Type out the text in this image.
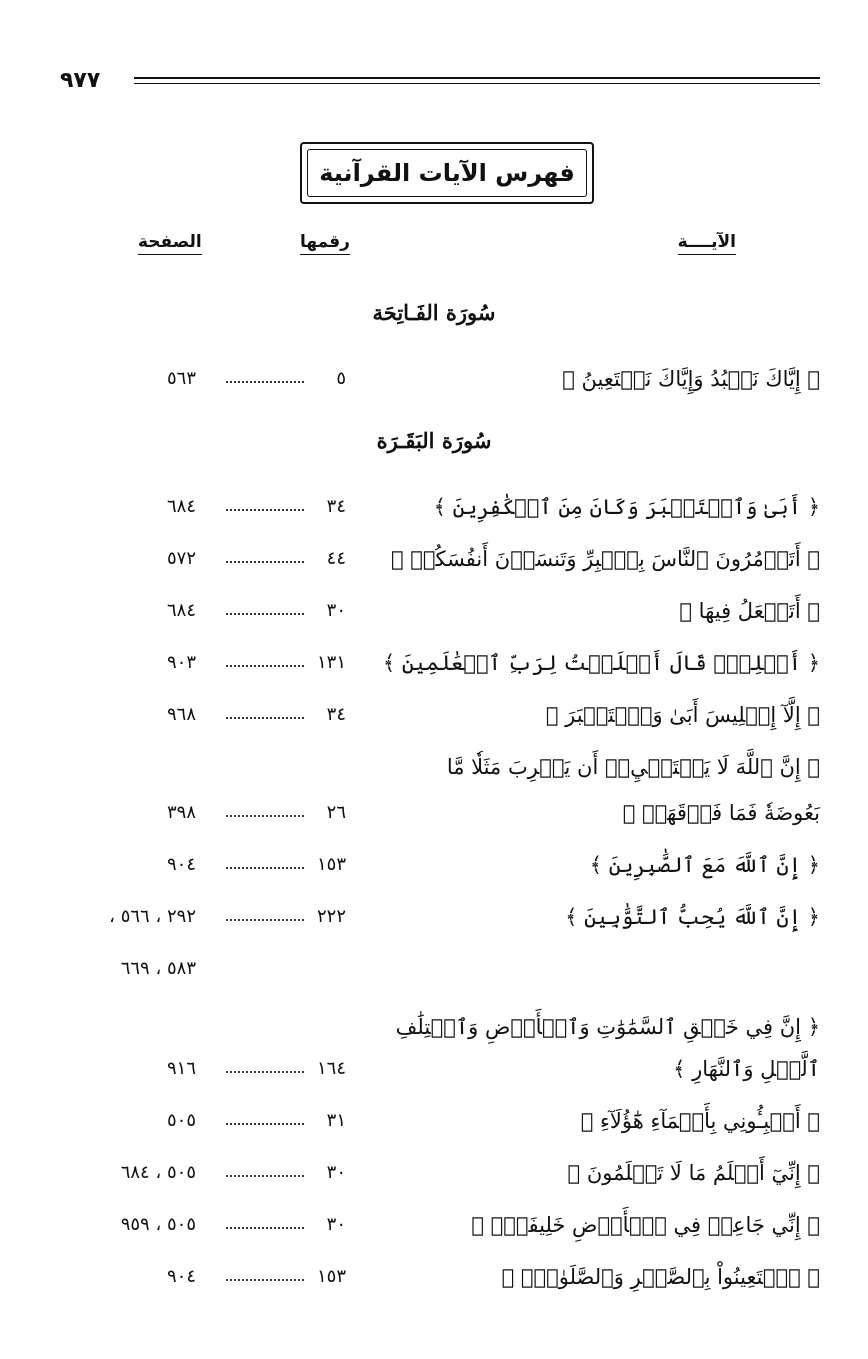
٩٧٧
فهرس الآيات القرآنية
الآيــــة
رقمها
الصفحة
سُورَة الفَـاتِحَة
﴿ إِيَّاكَ نَعۡبُدُ وَإِيَّاكَ نَسۡتَعِينُ ﴾
٥
٥٦٣
سُورَة البَقَـرَة
﴿ أَبَىٰ وَٱسۡتَكۡبَرَ وَكَانَ مِنَ ٱلۡكَٰفِرِينَ ﴾
٣٤
٦٨٤
﴿ أَتَأۡمُرُونَ ٱلنَّاسَ بِٱلۡبِرِّ وَتَنسَوۡنَ أَنفُسَكُمۡ ﴾
٤٤
٥٧٢
﴿ أَتَجۡعَلُ فِيهَا ﴾
٣٠
٦٨٤
﴿ أَسۡلِمۡۖ قَالَ أَسۡلَمۡتُ لِرَبِّ ٱلۡعَٰلَمِينَ ﴾
١٣١
٩٠٣
﴿ إِلَّآ إِبۡلِيسَ أَبَىٰ وَٱسۡتَكۡبَرَ ﴾
٣٤
٩٦٨
﴿ إِنَّ ٱللَّهَ لَا يَسۡتَحۡيِۦٓ أَن يَضۡرِبَ مَثَلٗا مَّا
بَعُوضَةٗ فَمَا فَوۡقَهَاۚ ﴾
٢٦
٣٩٨
﴿ إِنَّ ٱللَّهَ مَعَ ٱلصَّٰبِرِينَ ﴾
١٥٣
٩٠٤
﴿ إِنَّ ٱللَّهَ يُحِبُّ ٱلتَّوَّٰبِينَ ﴾
٢٢٢
٢٩٢ ، ٥٦٦ ،
٥٨٣ ، ٦٦٩
﴿ إِنَّ فِي خَلۡقِ ٱلسَّمَٰوَٰتِ وَٱلۡأَرۡضِ وَٱخۡتِلَٰفِ
ٱلَّيۡلِ وَٱلنَّهَارِ ﴾
١٦٤
٩١٦
﴿ أَنۢبِـُٔونِي بِأَسۡمَآءِ هَٰٓؤُلَآءِ ﴾
٣١
٥٠٥
﴿ إِنِّيٓ أَعۡلَمُ مَا لَا تَعۡلَمُونَ ﴾
٣٠
٥٠٥ ، ٦٨٤
﴿ إِنِّي جَاعِلٞ فِي ٱلۡأَرۡضِ خَلِيفَةٗۖ ﴾
٣٠
٥٠٥ ، ٩٥٩
﴿ ٱسۡتَعِينُواْ بِٱلصَّبۡرِ وَٱلصَّلَوٰةِۚ ﴾
١٥٣
٩٠٤
